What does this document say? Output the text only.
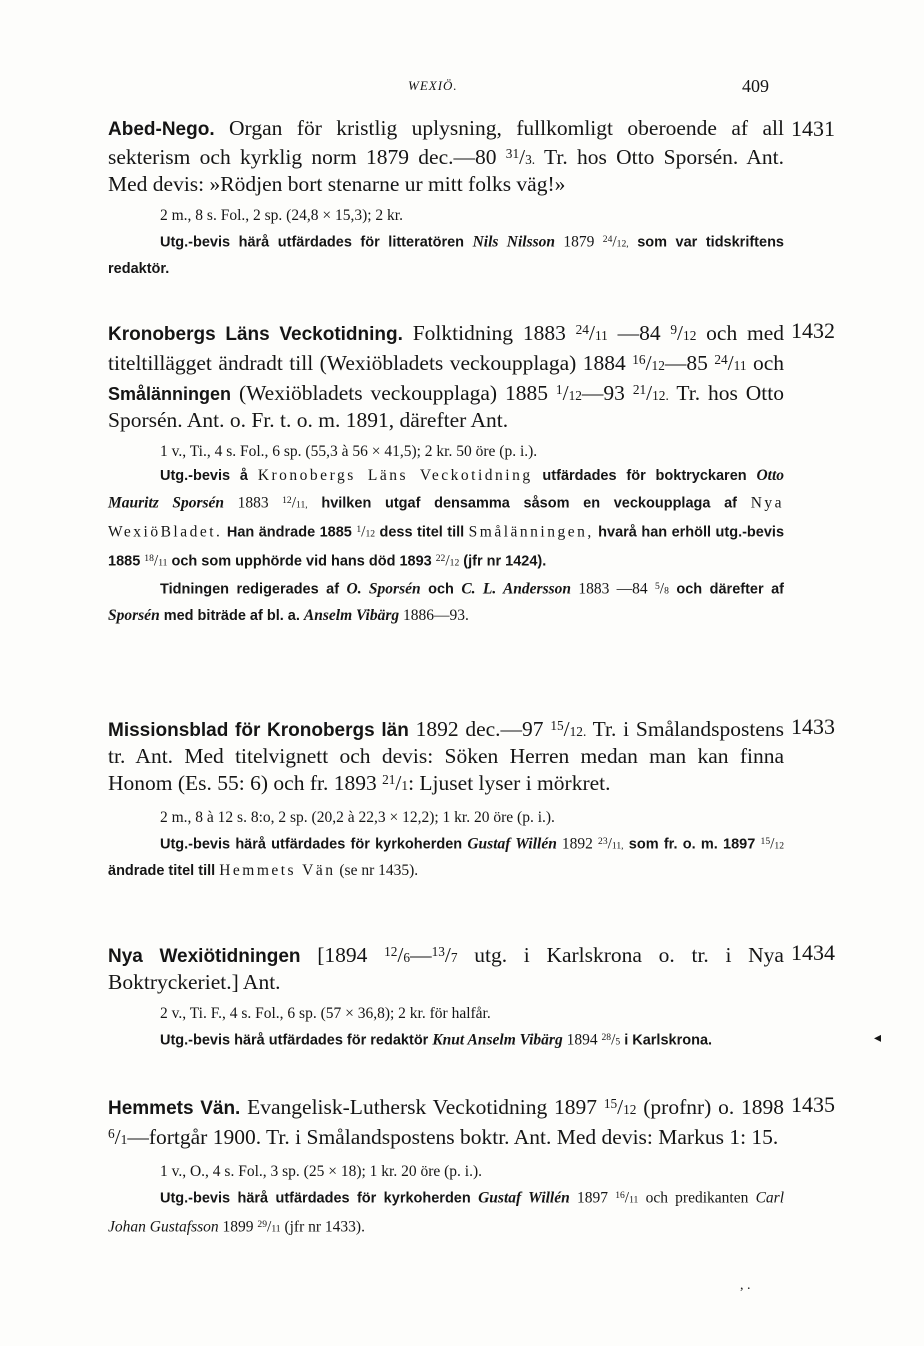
WEXIÖ.	409
1431
Abed-Nego. Organ för kristlig uplysning, fullkomligt oberoende af all sekterism och kyrklig norm 1879 dec.—80 $^{31}$/3. Tr. hos Otto Sporsén. Ant. Med devis: »Rödjen bort stenarne ur mitt folks väg!»

2 m., 8 s. Fol., 2 sp. (24,8 × 15,3); 2 kr.

Utg.-bevis härå utfärdades för litteratören Nils Nilsson 1879 $^{24}$/12, som var tidskriftens redaktör.

1432
Kronobergs Läns Veckotidning. Folktidning 1883 $^{24}$/11 —84 $^9$/12 och med titeltillägget ändradt till (Wexiöbladets veckoupplaga) 1884 $^{16}$/12—85 $^{24}$/11 och Smålänningen (Wexiöbladets veckoupplaga) 1885 $^1$/12—93 $^{21}$/12. Tr. hos Otto Sporsén. Ant. o. Fr. t. o. m. 1891, därefter Ant.

1 v., Ti., 4 s. Fol., 6 sp. (55,3 à 56 × 41,5); 2 kr. 50 öre (p. i.).

Utg.-bevis å Kronobergs Läns Veckotidning utfärdades för boktryckaren Otto Mauritz Sporsén 1883 $^{12}$/11, hvilken utgaf densamma såsom en veckoupplaga af Nya WexiöBladet. Han ändrade 1885 $^1$/12 dess titel till Smålänningen, hvarå han erhöll utg.-bevis 1885 $^{18}$/11 och som upphörde vid hans död 1893 $^{22}$/12 (jfr nr 1424).

Tidningen redigerades af O. Sporsén och C. L. Andersson 1883 —84 $^5$/8 och därefter af Sporsén med biträde af bl. a. Anselm Vibärg 1886—93.

1433
Missionsblad för Kronobergs län 1892 dec.—97 $^{15}$/12. Tr. i Smålandspostens tr. Ant. Med titelvignett och devis: Söken Herren medan man kan finna Honom (Es. 55: 6) och fr. 1893 $^{21}$/1: Ljuset lyser i mörkret.

2 m., 8 à 12 s. 8:o, 2 sp. (20,2 à 22,3 × 12,2); 1 kr. 20 öre (p. i.).

Utg.-bevis härå utfärdades för kyrkoherden Gustaf Willén 1892 $^{23}$/11, som fr. o. m. 1897 $^{15}$/12 ändrade titel till Hemmets Vän (se nr 1435).

1434
Nya Wexiötidningen [1894 $^{12}$/6—$^{13}$/7 utg. i Karlskrona o. tr. i Nya Boktryckeriet.] Ant.

2 v., Ti. F., 4 s. Fol., 6 sp. (57 × 36,8); 2 kr. för halfår.

Utg.-bevis härå utfärdades för redaktör Knut Anselm Vibärg 1894 $^{28}$/5 i Karlskrona.

1435
Hemmets Vän. Evangelisk-Luthersk Veckotidning 1897 $^{15}$/12 (profnr) o. 1898 $^6$/1—fortgår 1900. Tr. i Smålandspostens boktr. Ant. Med devis: Markus 1: 15.

1 v., O., 4 s. Fol., 3 sp. (25 × 18); 1 kr. 20 öre (p. i.).

Utg.-bevis härå utfärdades för kyrkoherden Gustaf Willén 1897 $^{16}$/11 och predikanten Carl Johan Gustafsson 1899 $^{29}$/11 (jfr nr 1433).

◂
, .
